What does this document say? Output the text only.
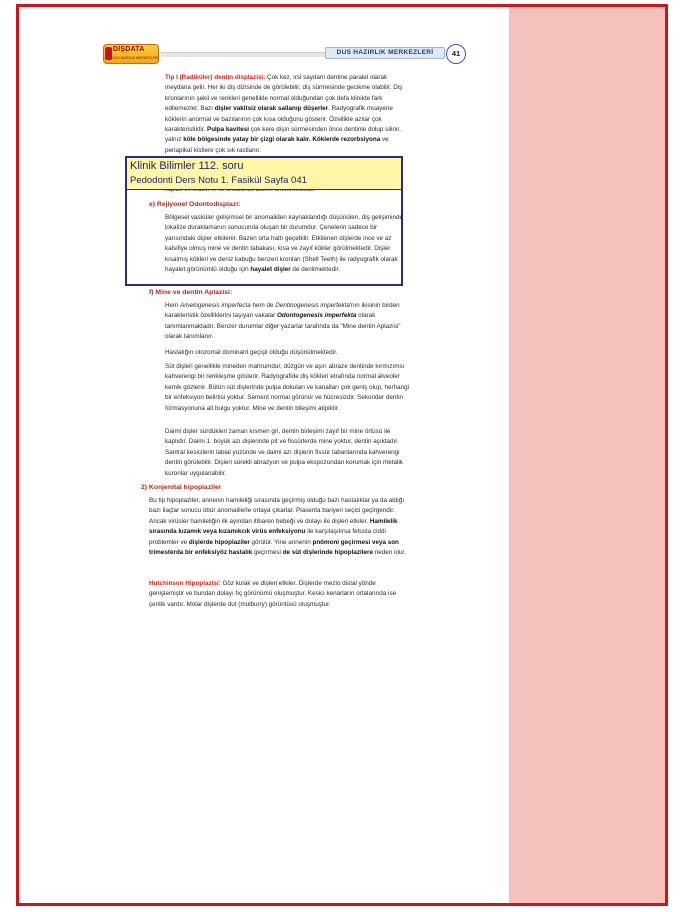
DİŞDATA
DUS HAZIRLIK MERKEZLERİ
DUS HAZIRLIK MERKEZLERİ	41

Tip I (Radiküler) dentin displazisi: Çok kez, irsi saydam dentine paralel olarak meydana gelir. Her iki diş dizisinde de görülebilir, diş sürmesinde gecikme olabilir. Diş kronlarının şekil ve renkleri genellikle normal olduğundan çok defa klinikte fark edilemezler. Bazı dişler vakitsiz olarak sallanıp düşerler. Radyografik muayene köklerin anormal ve bazılarının çok kısa olduğunu gösterir. Özellikle azılar çok karakteristiktir. Pulpa kavitesi çok kere dişin sürmesinden önce dentinle dolup silinir, yalnız köle bölgesinde yatay bir çizgi olarak kalır. Köklerde rezorbsiyona ve periapikal kistlere çok sık rastlanır.

e) Rejiyonel Odontodisplazi:

Bölgesel vasküler gelişimsel bir anomaliden kaynaklandığı düşünülen, diş gelişiminde lokalize duraklamanın sonucunda oluşan bir durumdur. Çenelerin sadece bir yarısındaki dişler etkilenir. Bazen orta hattı geçebilir. Etkilenen dişlerde ince ve az kalsifiye olmuş mine ve dentin tabakası, kısa ve zayıf kökler görülmektedir. Dişler kısalmış kökleri ve deniz kabuğu benzeri kronları (Shell Teeth) ile radyografik olarak hayalet görünümlü olduğu için hayalet dişler de denilmektedir.

f) Mine ve dentin Aplazisi:

Hem Amelogenesis imperfecta hem de Dentinogenesis imperfekta'nın ikisinin birden karakteristik özelliklerini taşıyan vakalar Odontogenesis imperfekta olarak tanımlanmaktadır. Benzer durumlar diğer yazarlar tarafında da "Mine dentin Aplazisi" olarak tanımlanır.

Hastalığın otozomal dominant geçişli olduğu düşünülmektedir.
Süt dişleri genellikle mineden mahrumdur, düzgün ve aşırı abraze dentinde kırmızımsı kahverengi bir renkleşme gösterir. Radyografide diş kökleri etrafında normal alveoler kemik gözlenir. Bütün süt dişlerinde pulpa dokuları ve kanalları çok geniş olup, herhangi bir enfeksiyon belirtisi yoktur. Sement normal görünür ve hücresizdir. Sekonder dentin formasyonuna ait bulgu yoktur. Mine ve dentin bileşimi atipiktir.
Daimi dişler sürdükleri zaman kısmen gri, dentin birleşimi zayıf bir mine örtüsü ile kaplıdır. Daimi 1. büyük azı dişlerinde pit ve fissürlerde mine yoktur, dentin açıktadır. Santral kesicilerin labial yüzünde ve daimi azı dişlerin fissür tabanlarında kahverengi dentin görülebilir. Dişleri sürekli abrazyon ve pulpa ekspozundan korumak için metalik kuronlar uygulanabilir.
2) Konjenital hipoplaziler

Bu tip hipoplaziler, annenin hamileliği sırasında geçirmiş olduğu bazı hastalıklar ya da aldığı bazı ilaçlar sonucu öbür anomalilerle ortaya çıkarlar. Plasenta bariyeri seçici geçirgendir. Ancak virüsler hamileliğin ilk ayından itibaren bebeği ve dolayı ile dişleri etkiler. Hamilelik sırasında kızamık veya kızamıkcık virüs enfeksiyonu ile karşılaşılırsa fetusta ciddi problemler ve dişlerde hipoplaziler görülür. Yine annenin pnömoni geçirmesi veya son trimesterda bir enfeksiyöz hastalık geçirmesi de süt dişlerinde hipoplazilere neden olur.

Hutchinson Hipoplazisi: Göz kulak ve dişleri etkiler. Dişlerde mezio distal yönde genişlemiştir ve bundan dolayı fıç görünümü oluşmuştur. Kesici kenarların ortalarında ise çentik vardır. Molar dişlerde dut (mulburry) görüntüsü oluşmuştur.

Klinik Bilimler 112. soru
Pedodonti Ders Notu 1. Fasikül Sayfa 041
